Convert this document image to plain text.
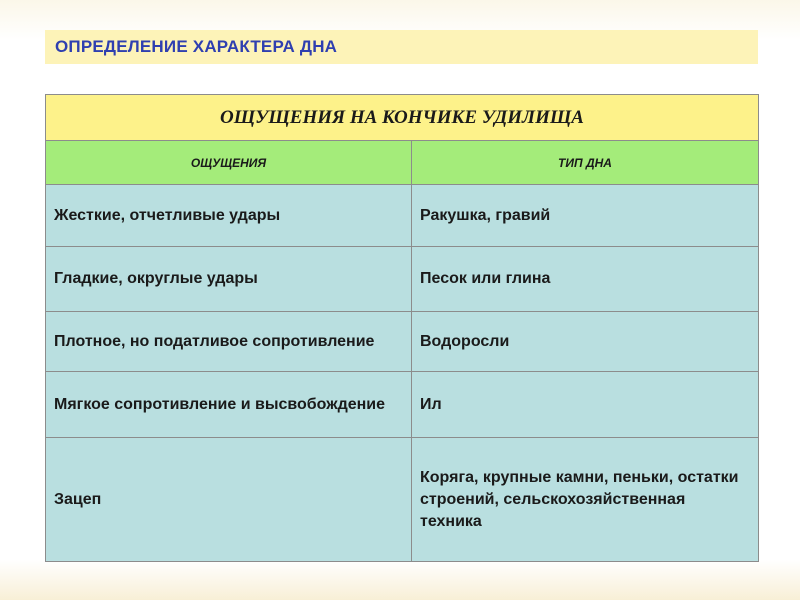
ОПРЕДЕЛЕНИЕ ХАРАКТЕРА ДНА
ОЩУЩЕНИЯ НА КОНЧИКЕ УДИЛИЩА	
ОЩУЩЕНИЯ	ТИП ДНА
Жесткие, отчетливые удары	Ракушка, гравий
Гладкие, округлые удары	Песок или глина
Плотное, но податливое сопротивление	Водоросли
Мягкое сопротивление и высвобождение	Ил
Зацеп	Коряга, крупные камни, пеньки, остатки строений, сельскохозяйственная техника
